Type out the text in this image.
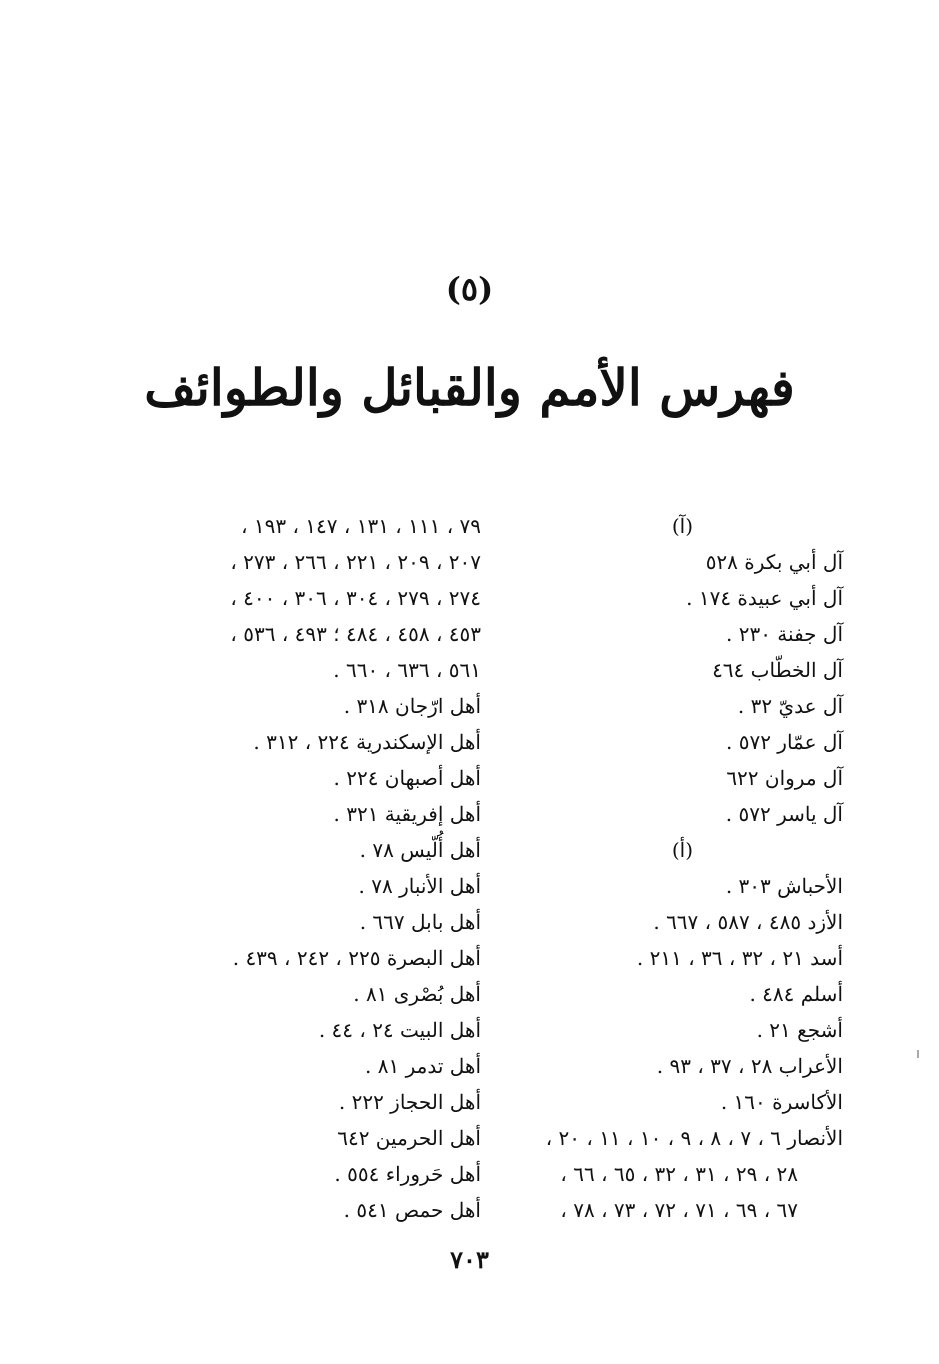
(٥)
فهرس الأمم والقبائل والطوائف
(آ)
آل أبي بكرة ٥٢٨
آل أبي عبيدة ١٧٤ .
آل جفنة ٢٣٠ .
آل الخطّاب ٤٦٤
آل عديّ ٣٢ .
آل عمّار ٥٧٢ .
آل مروان ٦٢٢
آل ياسر ٥٧٢ .
(أ)
الأحباش ٣٠٣ .
الأزد ٤٨٥ ، ٥٨٧ ، ٦٦٧ .
أسد ٢١ ، ٣٢ ، ٣٦ ، ٢١١ .
أسلم ٤٨٤ .
أشجع ٢١ .
الأعراب ٢٨ ، ٣٧ ، ٩٣ .
الأكاسرة ١٦٠ .
الأنصار ٦ ، ٧ ، ٨ ، ٩ ، ١٠ ، ١١ ، ٢٠ ،
٢٨ ، ٢٩ ، ٣١ ، ٣٢ ، ٦٥ ، ٦٦ ،
٦٧ ، ٦٩ ، ٧١ ، ٧٢ ، ٧٣ ، ٧٨ ،
٧٩ ، ١١١ ، ١٣١ ، ١٤٧ ، ١٩٣ ،
٢٠٧ ، ٢٠٩ ، ٢٢١ ، ٢٦٦ ، ٢٧٣ ،
٢٧٤ ، ٢٧٩ ، ٣٠٤ ، ٣٠٦ ، ٤٠٠ ،
٤٥٣ ، ٤٥٨ ، ٤٨٤ ؛ ٤٩٣ ، ٥٣٦ ،
٥٦١ ، ٦٣٦ ، ٦٦٠ .
أهل ارّجان ٣١٨ .
أهل الإسكندرية ٢٢٤ ، ٣١٢ .
أهل أصبهان ٢٢٤ .
أهل إفريقية ٣٢١ .
أهل أُلّيس ٧٨ .
أهل الأنبار ٧٨ .
أهل بابل ٦٦٧ .
أهل البصرة ٢٢٥ ، ٢٤٢ ، ٤٣٩ .
أهل بُصْرى ٨١ .
أهل البيت ٢٤ ، ٤٤ .
أهل تدمر ٨١ .
أهل الحجاز ٢٢٢ .
أهل الحرمين ٦٤٢
أهل حَروراء ٥٥٤ .
أهل حمص ٥٤١ .
٧٠٣
